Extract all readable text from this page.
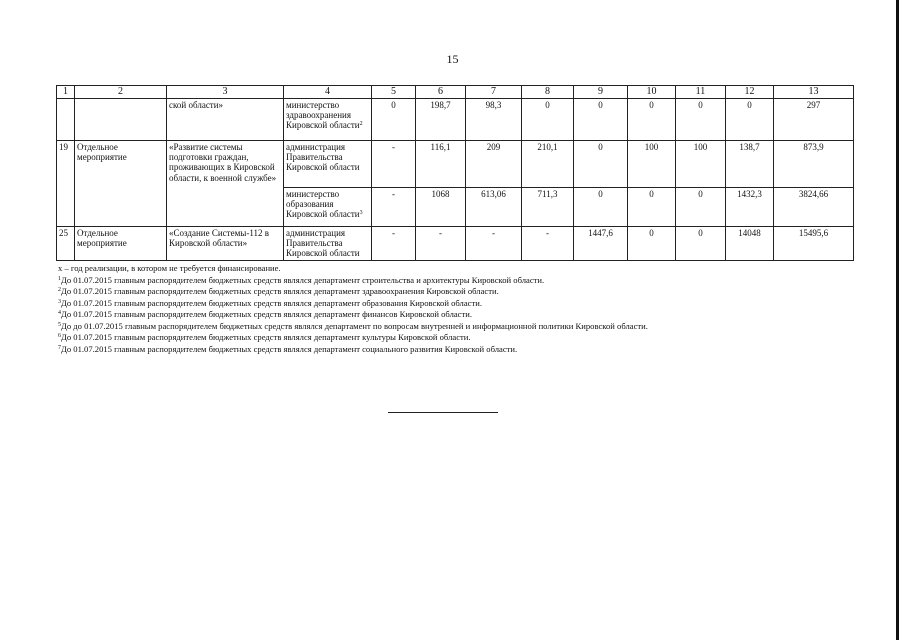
15
1	2	3	4	5	6	7	8	9	10	11	12	13
		ской области»	министерство здравоохранения Кировской области$^2$	0	198,7	98,3	0	0	0	0	0	297
19	Отдельное мероприятие	«Развитие системы подготовки граждан, проживающих в Кировской области, к военной службе»	администрация Правительства Кировской области	-	116,1	209	210,1	0	100	100	138,7	873,9
			министерство образования Кировской области$^3$	-	1068	613,06	711,3	0	0	0	1432,3	3824,66
25	Отдельное мероприятие	«Создание Системы-112 в Кировской области»	администрация Правительства Кировской области	-	-	-	-	1447,6	0	0	14048	15495,6
х – год реализации, в котором не требуется финансирование.
$^1$До 01.07.2015 главным распорядителем бюджетных средств являлся департамент строительства и архитектуры Кировской области.
$^2$До 01.07.2015 главным распорядителем бюджетных средств являлся департамент здравоохранения Кировской области.
$^3$До 01.07.2015 главным распорядителем бюджетных средств являлся департамент образования Кировской области.
$^4$До 01.07.2015 главным распорядителем бюджетных средств являлся департамент финансов Кировской области.
$^5$До до 01.07.2015 главным распорядителем бюджетных средств являлся департамент по вопросам внутренней и информационной политики Кировской области.
$^6$До 01.07.2015 главным распорядителем бюджетных средств являлся департамент культуры Кировской области.
$^7$До 01.07.2015 главным распорядителем бюджетных средств являлся департамент социального развития Кировской области.
